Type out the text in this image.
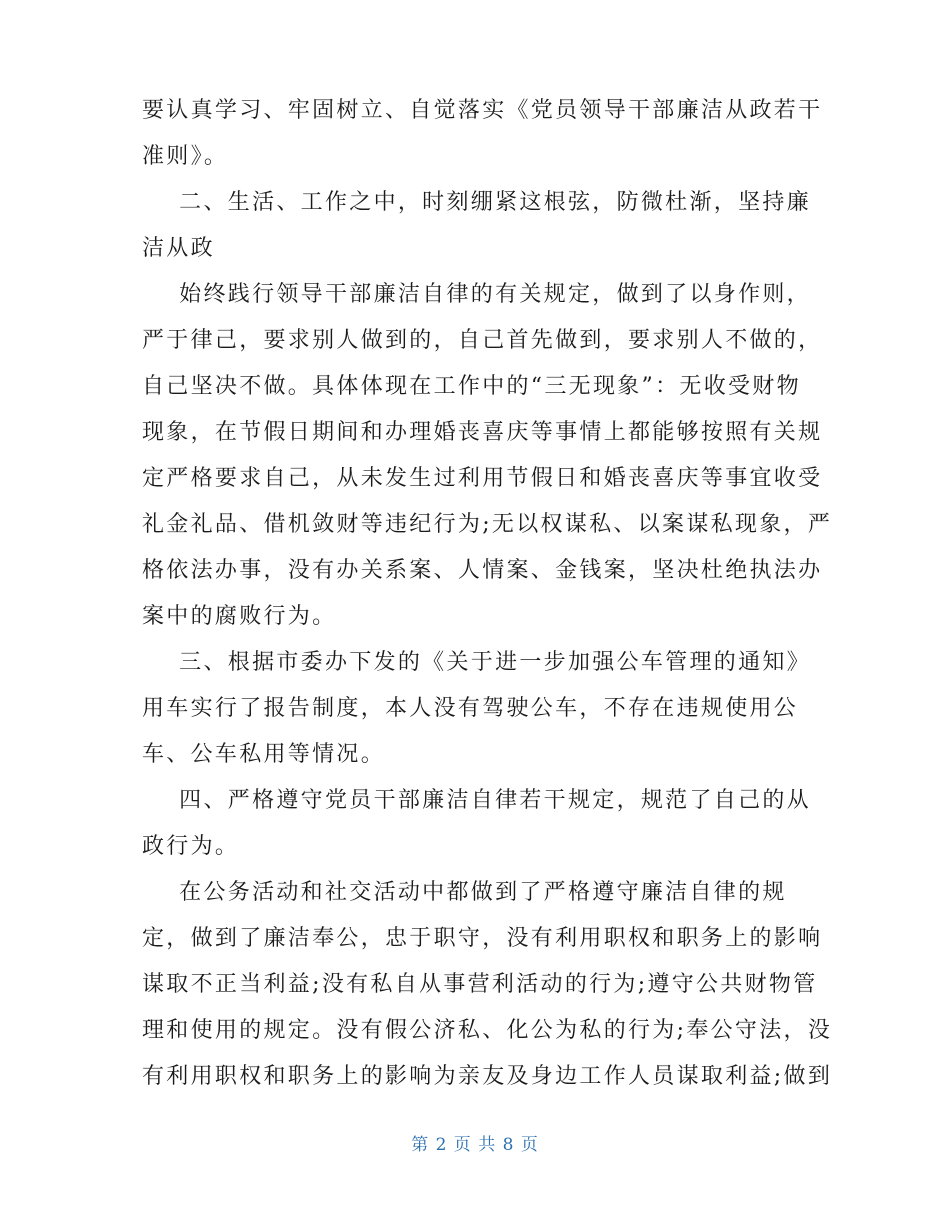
要认真学习、牢固树立、自觉落实《党员领导干部廉洁从政若干
准则》。
二、生活、工作之中，时刻绷紧这根弦，防微杜渐，坚持廉
洁从政
始终践行领导干部廉洁自律的有关规定，做到了以身作则，
严于律己，要求别人做到的，自己首先做到，要求别人不做的，
自己坚决不做。具体体现在工作中的“三无现象”：无收受财物
现象，在节假日期间和办理婚丧喜庆等事情上都能够按照有关规
定严格要求自己，从未发生过利用节假日和婚丧喜庆等事宜收受
礼金礼品、借机敛财等违纪行为;无以权谋私、以案谋私现象，严
格依法办事，没有办关系案、人情案、金钱案，坚决杜绝执法办
案中的腐败行为。
三、根据市委办下发的《关于进一步加强公车管理的通知》
用车实行了报告制度，本人没有驾驶公车，不存在违规使用公
车、公车私用等情况。
四、严格遵守党员干部廉洁自律若干规定，规范了自己的从
政行为。
在公务活动和社交活动中都做到了严格遵守廉洁自律的规
定，做到了廉洁奉公，忠于职守，没有利用职权和职务上的影响
谋取不正当利益;没有私自从事营利活动的行为;遵守公共财物管
理和使用的规定。没有假公济私、化公为私的行为;奉公守法，没
有利用职权和职务上的影响为亲友及身边工作人员谋取利益;做到
第 2 页 共 8 页
